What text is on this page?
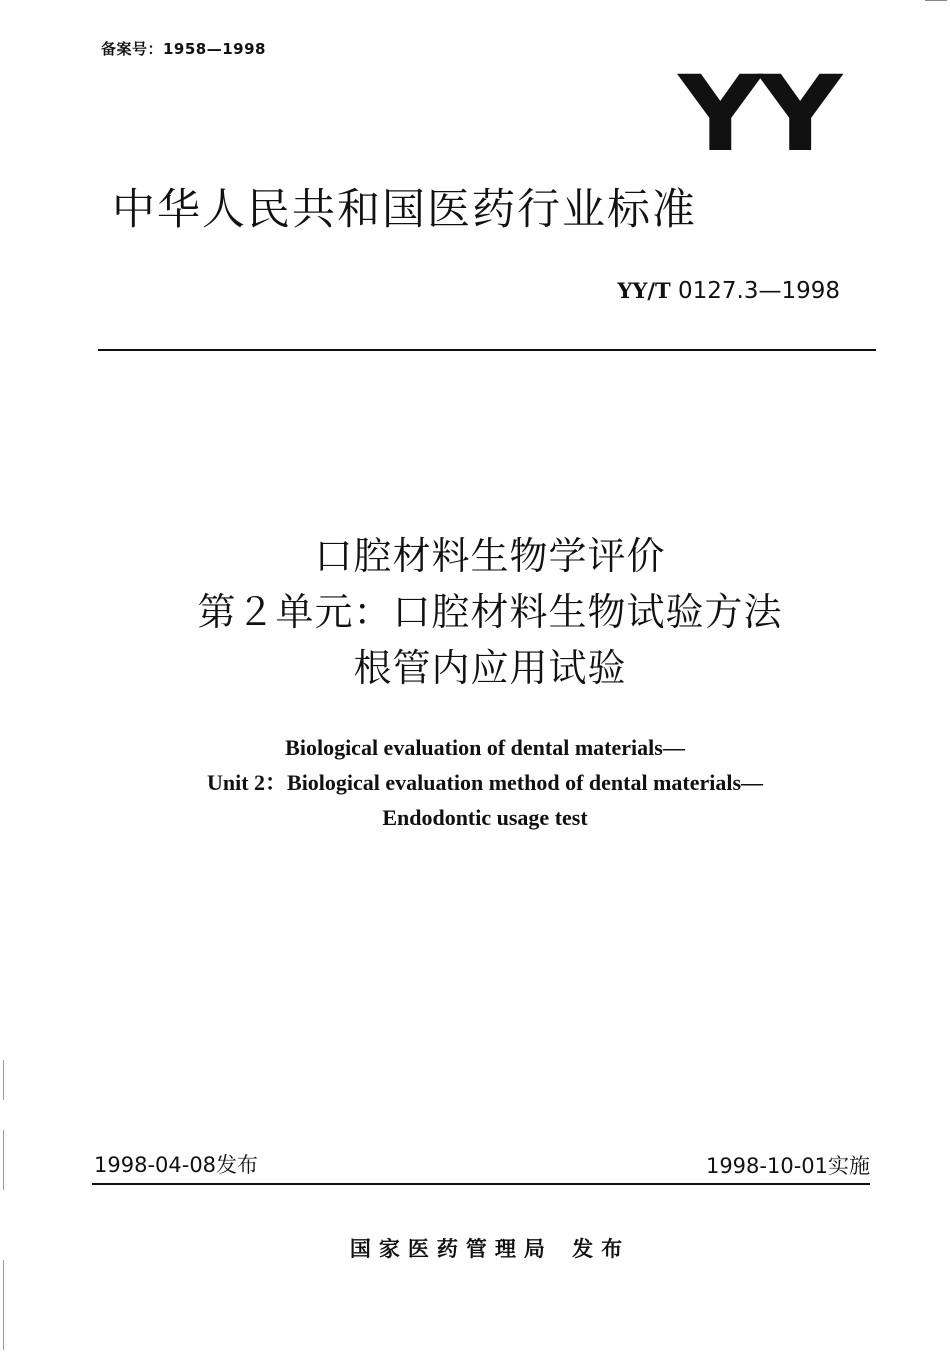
备案号：1958—1998
YY
中华人民共和国医药行业标准
YY/T 0127.3—1998
口腔材料生物学评价
第２单元：口腔材料生物试验方法
根管内应用试验
Biological evaluation of dental materials—
Unit 2：Biological evaluation method of dental materials—
Endodontic usage test
1998-04-08发布	1998-10-01实施
国家医药管理局 发布
